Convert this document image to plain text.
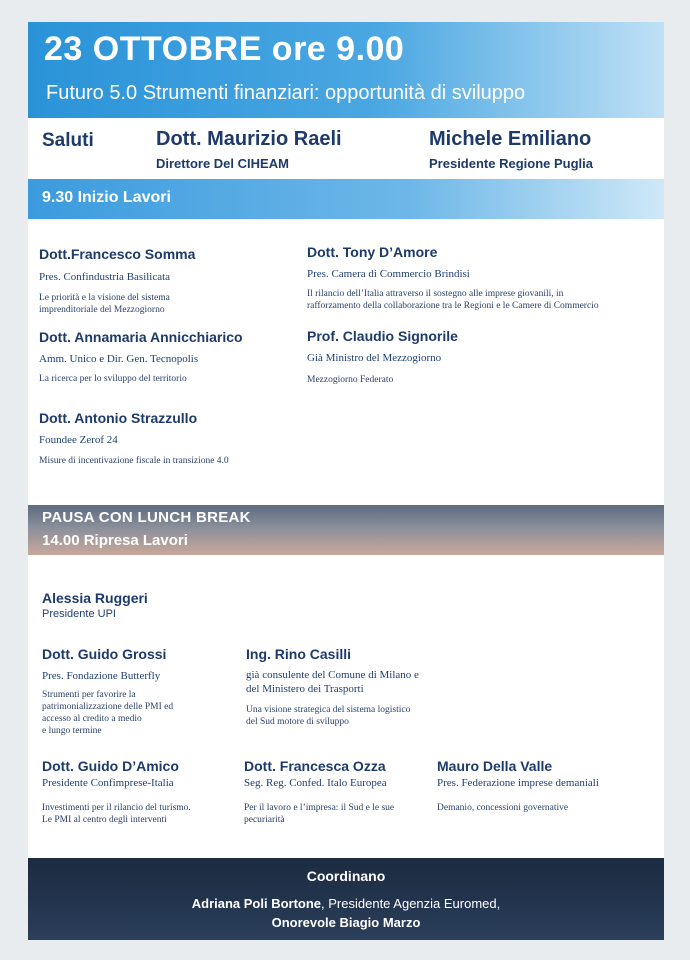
23 OTTOBRE ore 9.00
Futuro 5.0 Strumenti finanziari: opportunità di sviluppo
Saluti	Dott. Maurizio Raeli
Direttore Del CIHEAM
Michele Emiliano
Presidente Regione Puglia
9.30 Inizio Lavori
Dott.Francesco Somma
Pres. Confindustria Basilicata
Le priorità e la visione del sistema
imprenditoriale del Mezzogiorno
Dott. Tony D’Amore
Pres. Camera di Commercio Brindisi
Il rilancio dell’Italia attraverso il sostegno alle imprese giovanili, in
rafforzamento della collaborazione tra le Regioni e le Camere di Commercio
Dott. Annamaria Annicchiarico
Amm. Unico e Dir. Gen. Tecnopolis
La ricerca per lo sviluppo del territorio
Prof. Claudio Signorile
Già Ministro del Mezzogiorno
Mezzogiorno Federato
Dott. Antonio Strazzullo
Foundee Zerof 24
Misure di incentivazione fiscale in transizione 4.0
PAUSA CON LUNCH BREAK
14.00 Ripresa Lavori
Alessia Ruggeri
Presidente UPI
Dott. Guido Grossi
Pres. Fondazione Butterfly
Strumenti per favorire la
patrimonializzazione delle PMI ed
accesso al credito a medio
e lungo termine
Ing. Rino Casilli
già consulente del Comune di Milano e
del Ministero dei Trasporti
Una visione strategica del sistema logistico
del Sud motore di sviluppo
Dott. Guido D’Amico
Presidente Confimprese-Italia
Investimenti per il rilancio del turismo.
Le PMI al centro degli interventi
Dott. Francesca Ozza
Seg. Reg. Confed. Italo Europea
Per il lavoro e l’impresa: il Sud e le sue
pecuriarità
Mauro Della Valle
Pres. Federazione imprese demaniali
Demanio, concessioni governative
Coordinano
Adriana Poli Bortone, Presidente Agenzia Euromed,
Onorevole Biagio Marzo
